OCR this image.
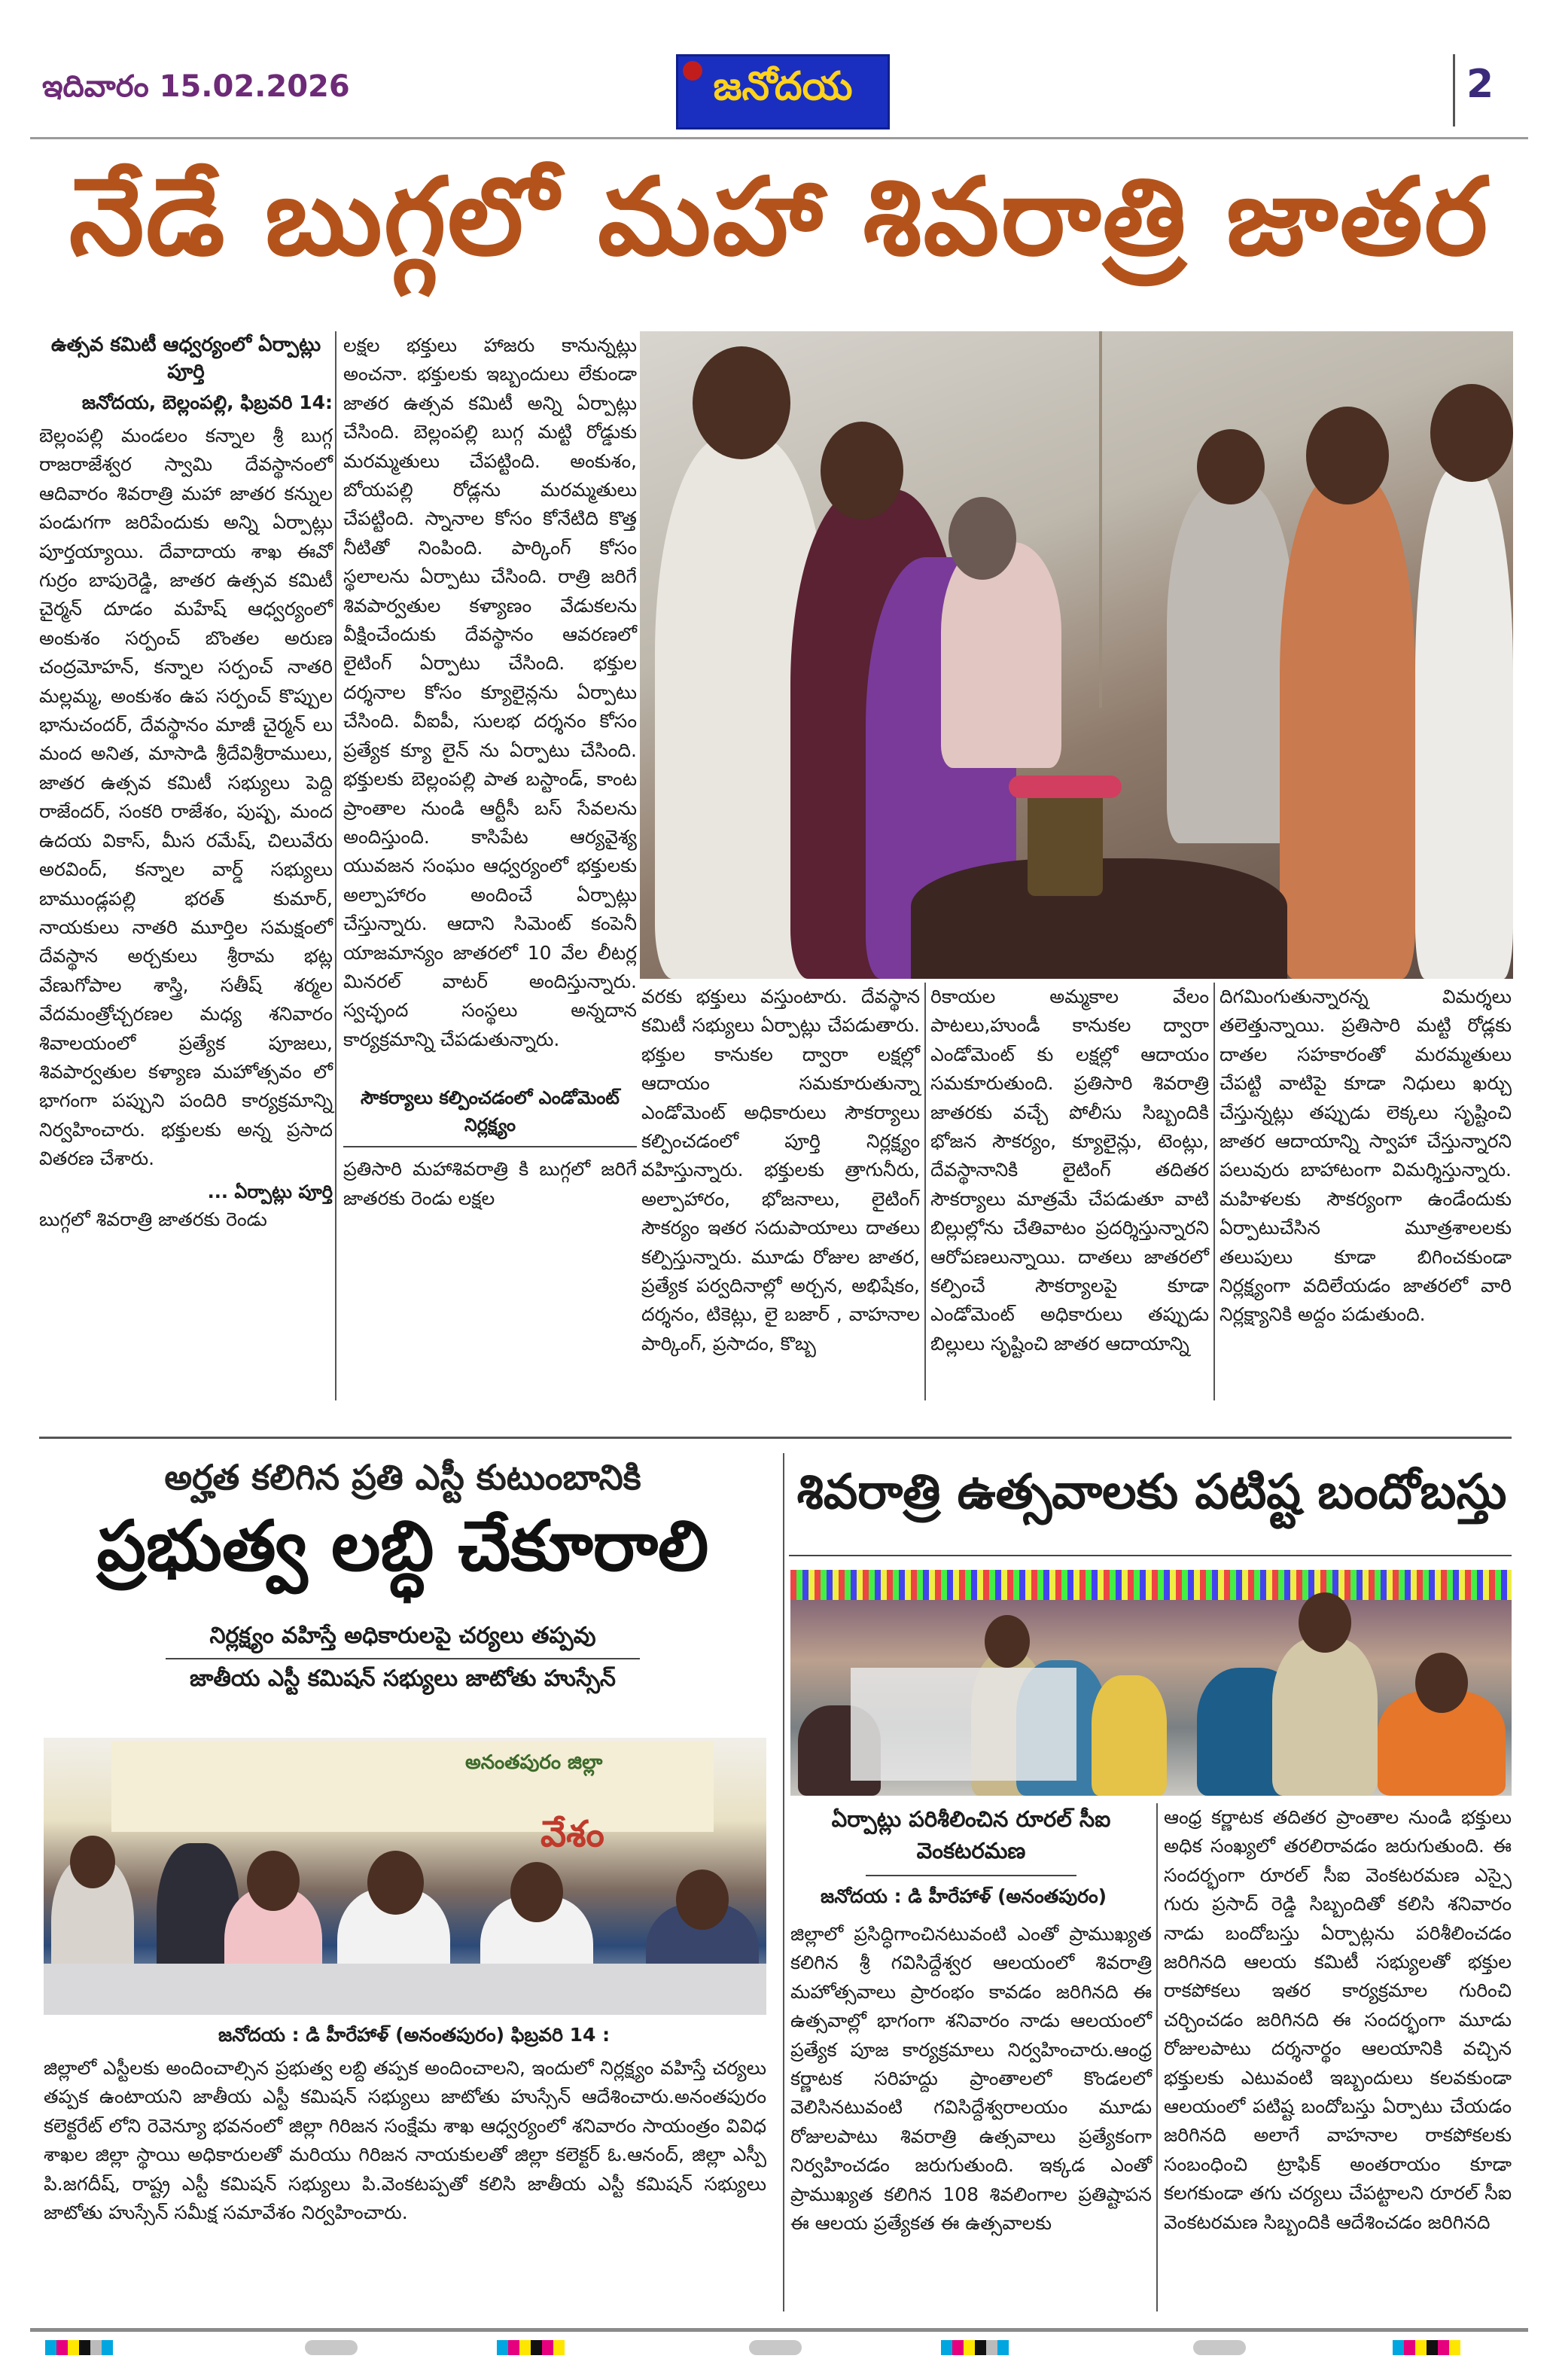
ఇదివారం 15.02.2026	జనోదయ	2
నేడే బుగ్గలో మహా శివరాత్రి జాతర
ఉత్సవ కమిటీ ఆధ్వర్యంలో ఏర్పాట్లు పూర్తి
జనోదయ, బెల్లంపల్లి, ఫిబ్రవరి 14:
బెల్లంపల్లి మండలం కన్నాల శ్రీ బుగ్గ రాజరాజేశ్వర స్వామి దేవస్థానంలో ఆదివారం శివరాత్రి మహా జాతర కన్నుల పండుగగా జరిపేందుకు అన్ని ఏర్పాట్లు పూర్తయ్యాయి. దేవాదాయ శాఖ ఈవో గుర్రం బాపురెడ్డి, జాతర ఉత్సవ కమిటీ చైర్మన్ దూడం మహేష్ ఆధ్వర్యంలో అంకుశం సర్పంచ్ బొంతల అరుణ చంద్రమోహన్, కన్నాల సర్పంచ్ నాతరి మల్లమ్మ, అంకుశం ఉప సర్పంచ్ కొప్పుల భానుచందర్, దేవస్థానం మాజీ చైర్మన్ లు మంద అనిత, మాసాడి శ్రీదేవిశ్రీరాములు, జాతర ఉత్సవ కమిటీ సభ్యులు పెద్ది రాజేందర్, సంకరి రాజేశం, పుష్ప, మంద ఉదయ వికాస్, మీస రమేష్, చిలువేరు అరవింద్, కన్నాల వార్డ్ సభ్యులు బాముండ్లపల్లి భరత్ కుమార్, నాయకులు నాతరి మూర్తిల సమక్షంలో దేవస్థాన అర్చకులు శ్రీరామ భట్ల వేణుగోపాల శాస్త్రి, సతీష్ శర్మల వేదమంత్రోచ్చరణల మధ్య శనివారం శివాలయంలో ప్రత్యేక పూజలు, శివపార్వతుల కళ్యాణ మహోత్సవం లో భాగంగా పప్పుని పందిరి కార్యక్రమాన్ని నిర్వహించారు. భక్తులకు అన్న ప్రసాద వితరణ చేశారు.
... ఏర్పాట్లు పూర్తి
బుగ్గలో శివరాత్రి జాతరకు రెండు
లక్షల భక్తులు హాజరు కానున్నట్లు అంచనా. భక్తులకు ఇబ్బందులు లేకుండా జాతర ఉత్సవ కమిటీ అన్ని ఏర్పాట్లు చేసింది. బెల్లంపల్లి బుగ్గ మట్టి రోడ్డుకు మరమ్మతులు చేపట్టింది. అంకుశం, బోయపల్లి రోడ్లను మరమ్మతులు చేపట్టింది. స్నానాల కోసం కోనేటిది కొత్త నీటితో నింపింది. పార్కింగ్ కోసం స్థలాలను ఏర్పాటు చేసింది. రాత్రి జరిగే శివపార్వతుల కళ్యాణం వేడుకలను వీక్షించేందుకు దేవస్థానం ఆవరణలో లైటింగ్ ఏర్పాటు చేసింది. భక్తుల దర్శనాల కోసం క్యూలైన్లను ఏర్పాటు చేసింది. వీఐపీ, సులభ దర్శనం కోసం ప్రత్యేక క్యూ లైన్ ను ఏర్పాటు చేసింది. భక్తులకు బెల్లంపల్లి పాత బస్టాండ్, కాంట ప్రాంతాల నుండి ఆర్టీసీ బస్ సేవలను అందిస్తుంది. కాసిపేట ఆర్యవైశ్య యువజన సంఘం ఆధ్వర్యంలో భక్తులకు అల్పాహారం అందించే ఏర్పాట్లు చేస్తున్నారు. ఆదాని సిమెంట్ కంపెనీ యాజమాన్యం జాతరలో 10 వేల లీటర్ల మినరల్ వాటర్ అందిస్తున్నారు. స్వచ్ఛంద సంస్థలు అన్నదాన కార్యక్రమాన్ని చేపడుతున్నారు.
సౌకర్యాలు కల్పించడంలో ఎండోమెంట్ నిర్లక్ష్యం
ప్రతిసారి మహాశివరాత్రి కి బుగ్గలో జరిగే జాతరకు రెండు లక్షల
వరకు భక్తులు వస్తుంటారు. దేవస్థాన కమిటీ సభ్యులు ఏర్పాట్లు చేపడుతారు. భక్తుల కానుకల ద్వారా లక్షల్లో ఆదాయం సమకూరుతున్నా ఎండోమెంట్ అధికారులు సౌకర్యాలు కల్పించడంలో పూర్తి నిర్లక్ష్యం వహిస్తున్నారు. భక్తులకు త్రాగునీరు, అల్పాహారం, భోజనాలు, లైటింగ్ సౌకర్యం ఇతర సదుపాయాలు దాతలు కల్పిస్తున్నారు. మూడు రోజుల జాతర, ప్రత్యేక పర్వదినాల్లో అర్చన, అభిషేకం, దర్శనం, టికెట్లు, లై బజార్ , వాహనాల పార్కింగ్, ప్రసాదం, కొబ్బ
రికాయల అమ్మకాల వేలం పాటలు,హుండీ కానుకల ద్వారా ఎండోమెంట్ కు లక్షల్లో ఆదాయం సమకూరుతుంది. ప్రతిసారి శివరాత్రి జాతరకు వచ్చే పోలీసు సిబ్బందికి భోజన సౌకర్యం, క్యూలైన్లు, టెంట్లు, దేవస్థానానికి లైటింగ్ తదితర సౌకర్యాలు మాత్రమే చేపడుతూ వాటి బిల్లుల్లోను చేతివాటం ప్రదర్శిస్తున్నారని ఆరోపణలున్నాయి. దాతలు జాతరలో కల్పించే సౌకర్యాలపై కూడా ఎండోమెంట్ అధికారులు తప్పుడు బిల్లులు సృష్టించి జాతర ఆదాయాన్ని
దిగమింగుతున్నారన్న విమర్శలు తలెత్తున్నాయి. ప్రతిసారి మట్టి రోడ్లకు దాతల సహకారంతో మరమ్మతులు చేపట్టి వాటిపై కూడా నిధులు ఖర్చు చేస్తున్నట్లు తప్పుడు లెక్కలు సృష్టించి జాతర ఆదాయాన్ని స్వాహా చేస్తున్నారని పలువురు బాహాటంగా విమర్శిస్తున్నారు. మహిళలకు సౌకర్యంగా ఉండేందుకు ఏర్పాటుచేసిన మూత్రశాలలకు తలుపులు కూడా బిగించకుండా నిర్లక్ష్యంగా వదిలేయడం జాతరలో వారి నిర్లక్ష్యానికి అద్దం పడుతుంది.
అర్హత కలిగిన ప్రతి ఎస్టీ కుటుంబానికి
ప్రభుత్వ లబ్ధి చేకూరాలి
నిర్లక్ష్యం వహిస్తే అధికారులపై చర్యలు తప్పవు
జాతీయ ఎస్టీ కమిషన్ సభ్యులు జాటోతు హుస్సేన్
అనంతపురం జిల్లా
వేశం
జనోదయ : డి హీరేహాళ్ (అనంతపురం) ఫిబ్రవరి 14 :
జిల్లాలో ఎస్టీలకు అందించాల్సిన ప్రభుత్వ లబ్ది తప్పక అందించాలని, ఇందులో నిర్లక్ష్యం వహిస్తే చర్యలు తప్పక ఉంటాయని జాతీయ ఎస్టీ కమిషన్ సభ్యులు జాటోతు హుస్సేన్ ఆదేశించారు.అనంతపురం కలెక్టరేట్ లోని రెవెన్యూ భవనంలో జిల్లా గిరిజన సంక్షేమ శాఖ ఆధ్వర్యంలో శనివారం సాయంత్రం వివిధ శాఖల జిల్లా స్థాయి అధికారులతో మరియు గిరిజన నాయకులతో జిల్లా కలెక్టర్ ఓ.ఆనంద్, జిల్లా ఎస్పీ పి.జగదీష్, రాష్ట్ర ఎస్టీ కమిషన్ సభ్యులు పి.వెంకటప్పతో కలిసి జాతీయ ఎస్టీ కమిషన్ సభ్యులు జాటోతు హుస్సేన్ సమీక్ష సమావేశం నిర్వహించారు.
శివరాత్రి ఉత్సవాలకు పటిష్ట బందోబస్తు
ఏర్పాట్లు పరిశీలించిన రూరల్ సీఐ వెంకటరమణ
జనోదయ : డి హీరేహాళ్ (అనంతపురం)
జిల్లాలో ప్రసిద్ధిగాంచినటువంటి ఎంతో ప్రాముఖ్యత కలిగిన శ్రీ గవిసిద్దేశ్వర ఆలయంలో శివరాత్రి మహోత్సవాలు ప్రారంభం కావడం జరిగినది ఈ ఉత్సవాల్లో భాగంగా శనివారం నాడు ఆలయంలో ప్రత్యేక పూజ కార్యక్రమాలు నిర్వహించారు.ఆంధ్ర కర్ణాటక సరిహద్దు ప్రాంతాలలో కొండలలో వెలిసినటువంటి గవిసిద్దేశ్వరాలయం మూడు రోజులపాటు శివరాత్రి ఉత్సవాలు ప్రత్యేకంగా నిర్వహించడం జరుగుతుంది. ఇక్కడ ఎంతో ప్రాముఖ్యత కలిగిన 108 శివలింగాల ప్రతిష్టాపన ఈ ఆలయ ప్రత్యేకత ఈ ఉత్సవాలకు
ఆంధ్ర కర్ణాటక తదితర ప్రాంతాల నుండి భక్తులు అధిక సంఖ్యలో తరలిరావడం జరుగుతుంది. ఈ సందర్భంగా రూరల్ సీఐ వెంకటరమణ ఎస్సై గురు ప్రసాద్ రెడ్డి సిబ్బందితో కలిసి శనివారం నాడు బందోబస్తు ఏర్పాట్లను పరిశీలించడం జరిగినది ఆలయ కమిటీ సభ్యులతో భక్తుల రాకపోకలు ఇతర కార్యక్రమాల గురించి చర్చించడం జరిగినది ఈ సందర్భంగా మూడు రోజులపాటు దర్శనార్థం ఆలయానికి వచ్చిన భక్తులకు ఎటువంటి ఇబ్బందులు కలవకుండా ఆలయంలో పటిష్ట బందోబస్తు ఏర్పాటు చేయడం జరిగినది అలాగే వాహనాల రాకపోకలకు సంబంధించి ట్రాఫిక్ అంతరాయం కూడా కలగకుండా తగు చర్యలు చేపట్టాలని రూరల్ సీఐ వెంకటరమణ సిబ్బందికి ఆదేశించడం జరిగినది
